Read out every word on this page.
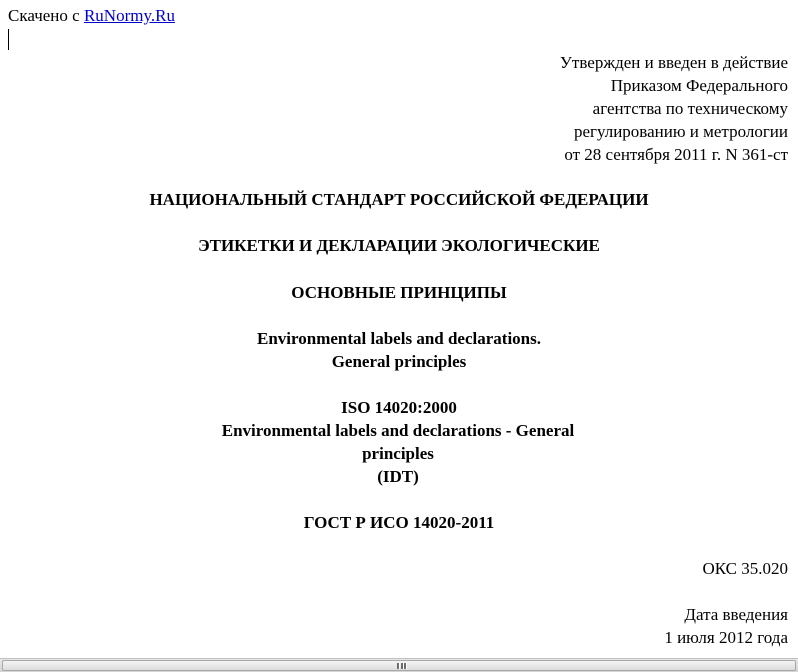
Скачено с RuNormy.Ru
Утвержден и введен в действие
Приказом Федерального
агентства по техническому
регулированию и метрологии
от 28 сентября 2011 г. N 361-ст
НАЦИОНАЛЬНЫЙ СТАНДАРТ РОССИЙСКОЙ ФЕДЕРАЦИИ
ЭТИКЕТКИ И ДЕКЛАРАЦИИ ЭКОЛОГИЧЕСКИЕ
ОСНОВНЫЕ ПРИНЦИПЫ
Environmental labels and declarations.
General principles
ISO 14020:2000
Environmental labels and declarations - General
principles
(IDT)
ГОСТ Р ИСО 14020-2011
ОКС 35.020
Дата введения
1 июля 2012 года
